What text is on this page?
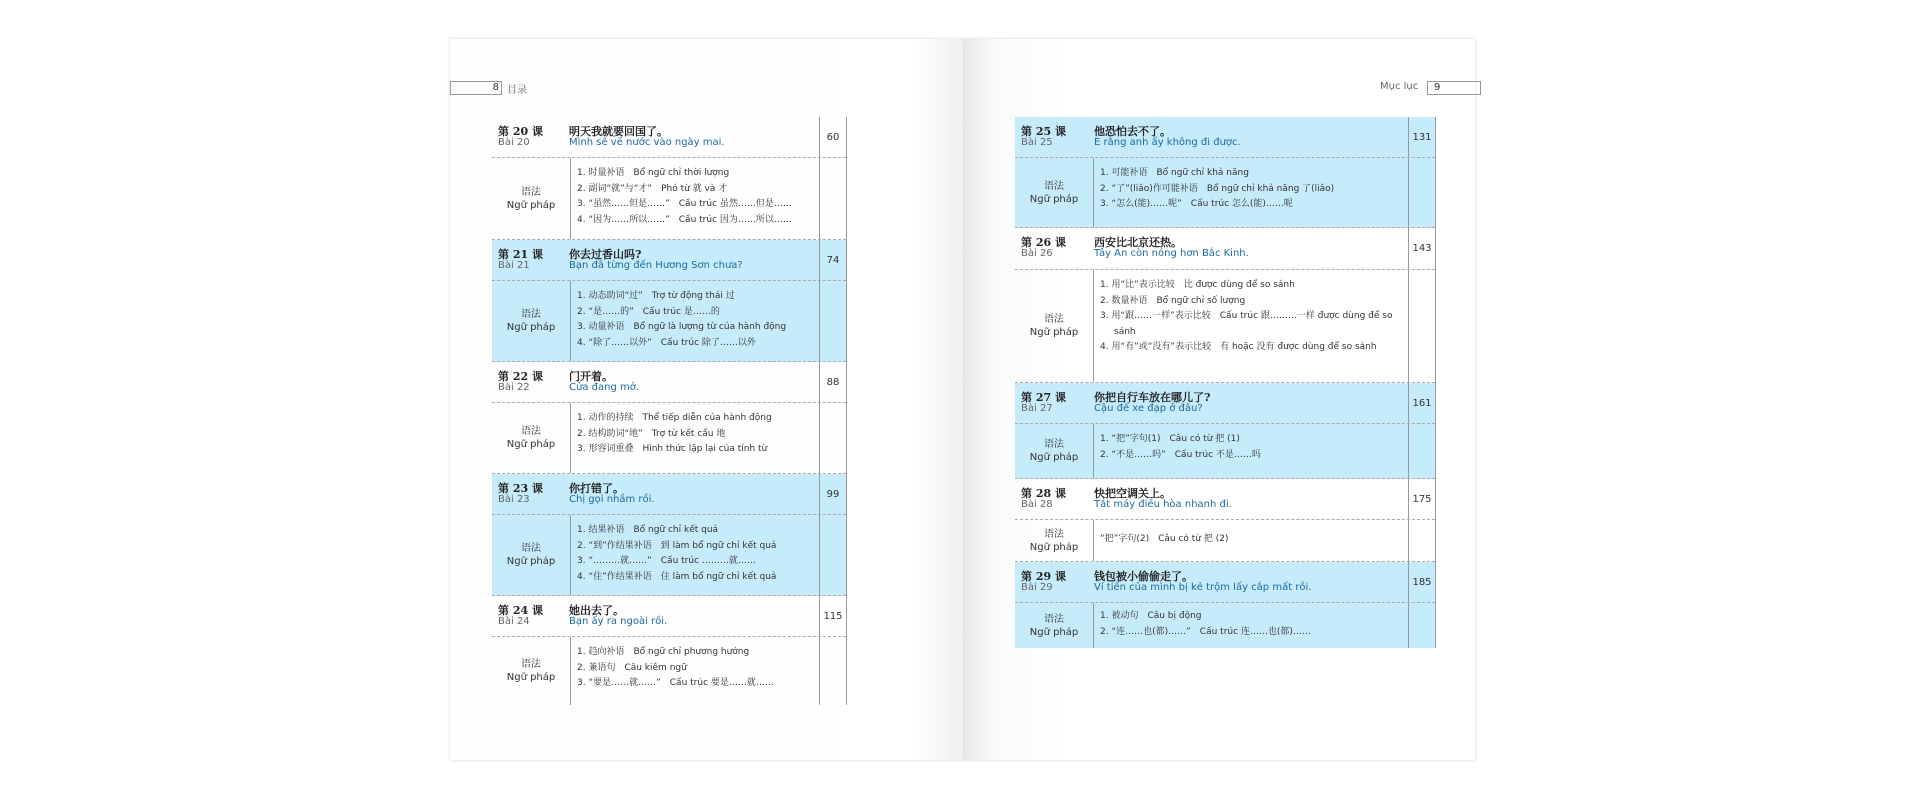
8 目录
第 20 课
Bài 20
明天我就要回国了。
Mình sẽ về nước vào ngày mai.	60
语法
Ngữ pháp
1. 时量补语　Bổ ngữ chỉ thời lượng
2. 副词“就”与“才”　Phó từ 就 và 才
3. “虽然……但是……”　Cấu trúc 虽然……但是……
4. “因为……所以……”　Cấu trúc 因为……所以……
第 21 课
Bài 21
你去过香山吗?
Bạn đã từng đến Hương Sơn chưa?	74
语法
Ngữ pháp
1. 动态助词“过”　Trợ từ động thái 过
2. “是……的”　Cấu trúc 是……的
3. 动量补语　Bổ ngữ là lượng từ của hành động
4. “除了……以外”　Cấu trúc 除了……以外
第 22 课
Bài 22
门开着。
Cửa đang mở.	88
语法
Ngữ pháp
1. 动作的持续　Thể tiếp diễn của hành động
2. 结构助词“地”　Trợ từ kết cấu 地
3. 形容词重叠　Hình thức lặp lại của tính từ
第 23 课
Bài 23
你打错了。
Chị gọi nhầm rồi.	99
语法
Ngữ pháp
1. 结果补语　Bổ ngữ chỉ kết quả
2. “到”作结果补语　到 làm bổ ngữ chỉ kết quả
3. “………就……”　Cấu trúc ………就……
4. “住”作结果补语　住 làm bổ ngữ chỉ kết quả
第 24 课
Bài 24
她出去了。
Bạn ấy ra ngoài rồi.	115
语法
Ngữ pháp
1. 趋向补语　Bổ ngữ chỉ phương hướng
2. 兼语句　Câu kiêm ngữ
3. “要是……就……”　Cấu trúc 要是……就……
Mục lục	9
第 25 课
Bài 25
他恐怕去不了。
E rằng anh ấy không đi được.	131
语法
Ngữ pháp
1. 可能补语　Bổ ngữ chỉ khả năng
2. “了”(liǎo)作可能补语　Bổ ngữ chỉ khả năng 了(liǎo)
3. “怎么(能)……呢”　Cấu trúc 怎么(能)……呢
第 26 课
Bài 26
西安比北京还热。
Tây An còn nóng hơn Bắc Kinh.	143
语法
Ngữ pháp
1. 用“比”表示比较　比 được dùng để so sánh
2. 数量补语　Bổ ngữ chỉ số lượng
3. 用“跟……一样”表示比较　Cấu trúc 跟………一样 được dùng để so sánh
4. 用“有”或“没有”表示比较　有 hoặc 没有 được dùng để so sánh
第 27 课
Bài 27
你把自行车放在哪儿了?
Cậu để xe đạp ở đâu?	161
语法
Ngữ pháp
1. “把”字句(1)　Câu có từ 把 (1)
2. “不是……吗”　Cấu trúc 不是……吗
第 28 课
Bài 28
快把空调关上。
Tắt máy điều hòa nhanh đi.	175
语法
Ngữ pháp
“把”字句(2)　Câu có từ 把 (2)
第 29 课
Bài 29
钱包被小偷偷走了。
Ví tiền của mình bị kẻ trộm lấy cắp mất rồi.	185
语法
Ngữ pháp
1. 被动句　Câu bị động
2. “连……也(都)……”　Cấu trúc 连……也(都)……
